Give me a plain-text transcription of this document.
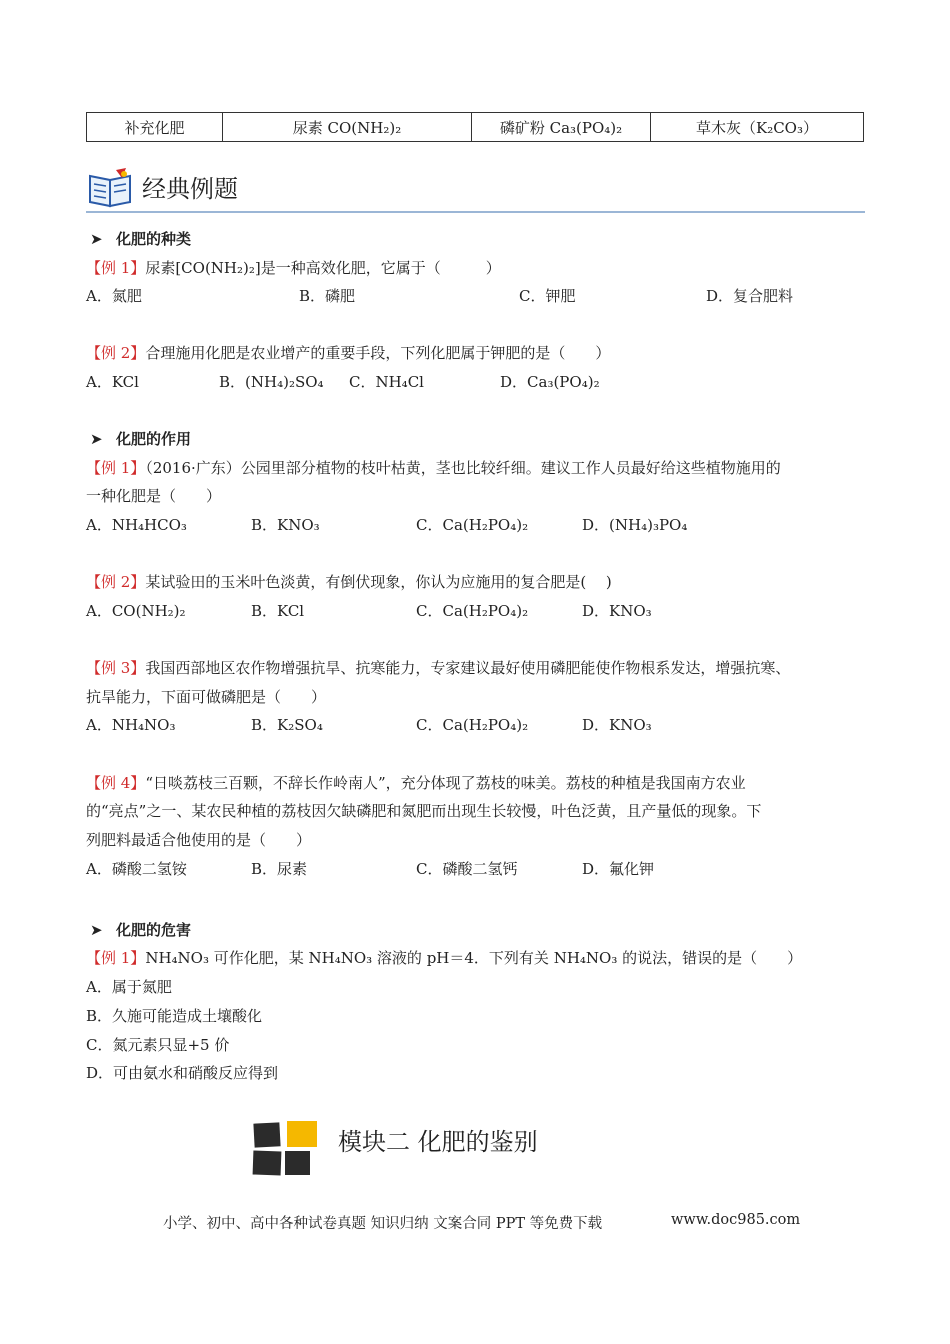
补充化肥	尿素 CO(NH₂)₂	磷矿粉 Ca₃(PO₄)₂	草木灰（K₂CO₃）
经典例题
➤ 化肥的种类
【例 1】尿素[CO(NH₂)₂]是一种高效化肥，它属于（　　　）
A．氮肥	B．磷肥	C．钾肥	D．复合肥料
【例 2】合理施用化肥是农业增产的重要手段，下列化肥属于钾肥的是（　　）
A．KCl	B．(NH₄)₂SO₄ C．NH₄Cl	D．Ca₃(PO₄)₂
➤ 化肥的作用
【例 1】（2016·广东）公园里部分植物的枝叶枯黄，茎也比较纤细。建议工作人员最好给这些植物施用的
一种化肥是（　　）
A．NH₄HCO₃	B．KNO₃	C．Ca(H₂PO₄)₂	D．(NH₄)₃PO₄
【例 2】某试验田的玉米叶色淡黄，有倒伏现象，你认为应施用的复合肥是(　 )
A．CO(NH₂)₂	B．KCl	C．Ca(H₂PO₄)₂	D．KNO₃
【例 3】我国西部地区农作物增强抗旱、抗寒能力，专家建议最好使用磷肥能使作物根系发达，增强抗寒、
抗旱能力，下面可做磷肥是（　　）
A．NH₄NO₃	B．K₂SO₄	C．Ca(H₂PO₄)₂	D．KNO₃
【例 4】“日啖荔枝三百颗，不辞长作岭南人”，充分体现了荔枝的味美。荔枝的种植是我国南方农业
的“亮点”之一、某农民种植的荔枝因欠缺磷肥和氮肥而出现生长较慢，叶色泛黄，且产量低的现象。下
列肥料最适合他使用的是（　　）
A．磷酸二氢铵	B．尿素	C．磷酸二氢钙	D．氟化钾
➤ 化肥的危害
【例 1】NH₄NO₃ 可作化肥，某 NH₄NO₃ 溶液的 pH＝4．下列有关 NH₄NO₃ 的说法，错误的是（　　）
A．属于氮肥
B．久施可能造成土壤酸化
C．氮元素只显+5 价
D．可由氨水和硝酸反应得到
模块二 化肥的鉴别
小学、初中、高中各种试卷真题 知识归纳 文案合同 PPT 等免费下载	www.doc985.com
